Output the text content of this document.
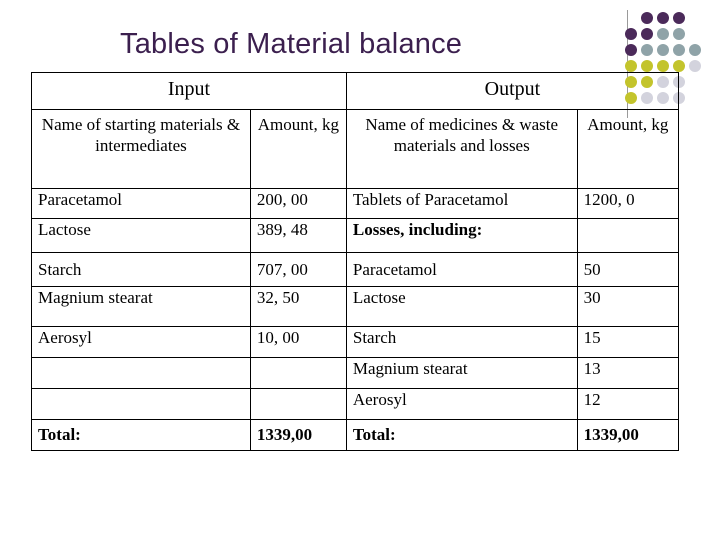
Tables of Material balance
Input		Output	
Name of starting materials & intermediates	Amount, kg	Name of medicines & waste materials and losses	Amount, kg
Paracetamol	200, 00	Tablets of Paracetamol	1200, 0
Lactose	389, 48	Losses, including:	
Starch	707, 00	Paracetamol	50
Magnium stearat	32, 50	Lactose	30
Aerosyl	10, 00	Starch	15
		Magnium stearat	13
		Aerosyl	12
Total:	1339,00	Total:	1339,00
